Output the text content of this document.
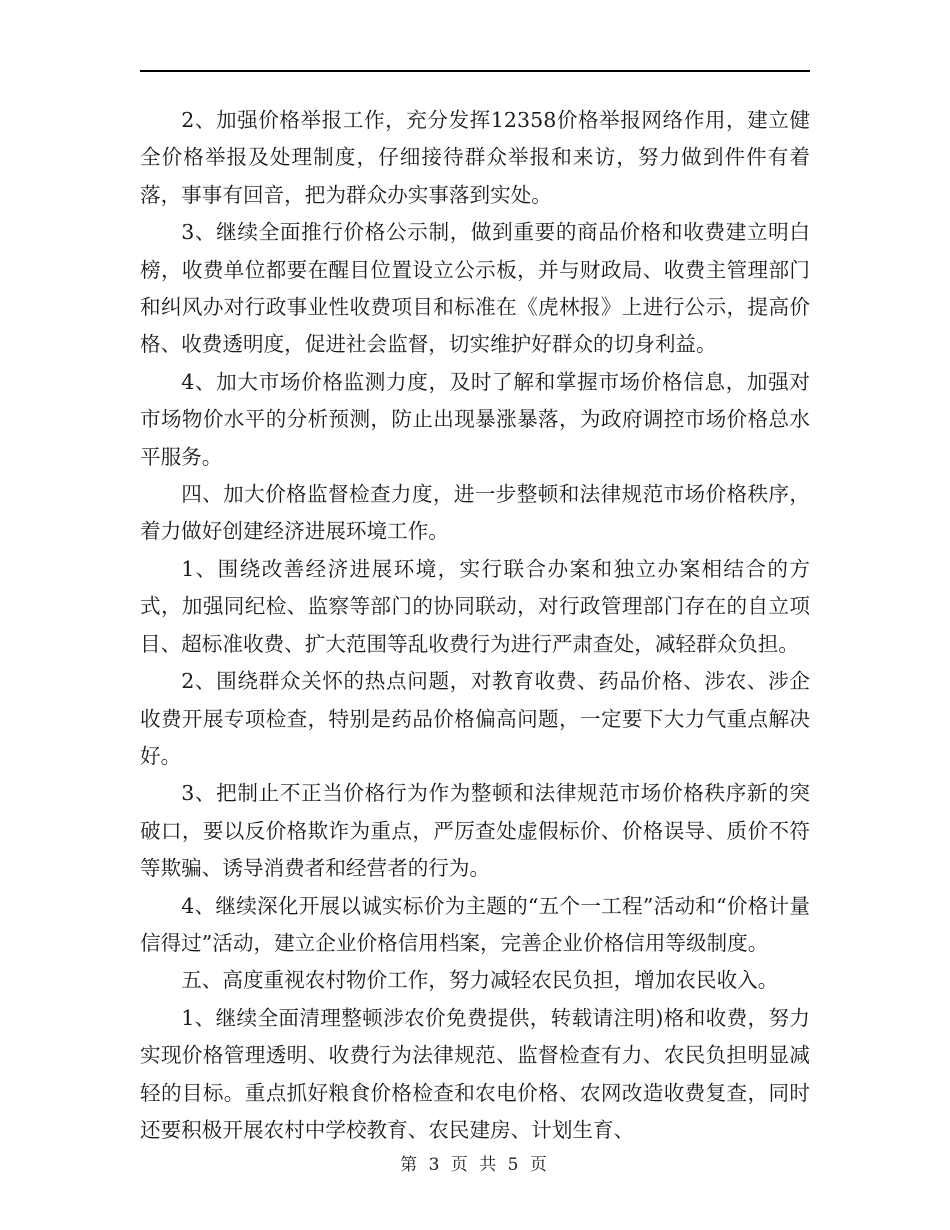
2、加强价格举报工作，充分发挥12358价格举报网络作用，建立健全价格举报及处理制度，仔细接待群众举报和来访，努力做到件件有着落，事事有回音，把为群众办实事落到实处。

3、继续全面推行价格公示制，做到重要的商品价格和收费建立明白榜，收费单位都要在醒目位置设立公示板，并与财政局、收费主管理部门和纠风办对行政事业性收费项目和标准在《虎林报》上进行公示，提高价格、收费透明度，促进社会监督，切实维护好群众的切身利益。

4、加大市场价格监测力度，及时了解和掌握市场价格信息，加强对市场物价水平的分析预测，防止出现暴涨暴落，为政府调控市场价格总水平服务。

四、加大价格监督检查力度，进一步整顿和法律规范市场价格秩序，着力做好创建经济进展环境工作。

1、围绕改善经济进展环境，实行联合办案和独立办案相结合的方式，加强同纪检、监察等部门的协同联动，对行政管理部门存在的自立项目、超标准收费、扩大范围等乱收费行为进行严肃查处，减轻群众负担。

2、围绕群众关怀的热点问题，对教育收费、药品价格、涉农、涉企收费开展专项检查，特别是药品价格偏高问题，一定要下大力气重点解决好。

3、把制止不正当价格行为作为整顿和法律规范市场价格秩序新的突破口，要以反价格欺诈为重点，严厉查处虚假标价、价格误导、质价不符等欺骗、诱导消费者和经营者的行为。

4、继续深化开展以诚实标价为主题的“五个一工程”活动和“价格计量信得过”活动，建立企业价格信用档案，完善企业价格信用等级制度。

五、高度重视农村物价工作，努力减轻农民负担，增加农民收入。

1、继续全面清理整顿涉农价免费提供，转载请注明)格和收费，努力实现价格管理透明、收费行为法律规范、监督检查有力、农民负担明显减轻的目标。重点抓好粮食价格检查和农电价格、农网改造收费复查，同时还要积极开展农村中学校教育、农民建房、计划生育、

第 3 页 共 5 页
